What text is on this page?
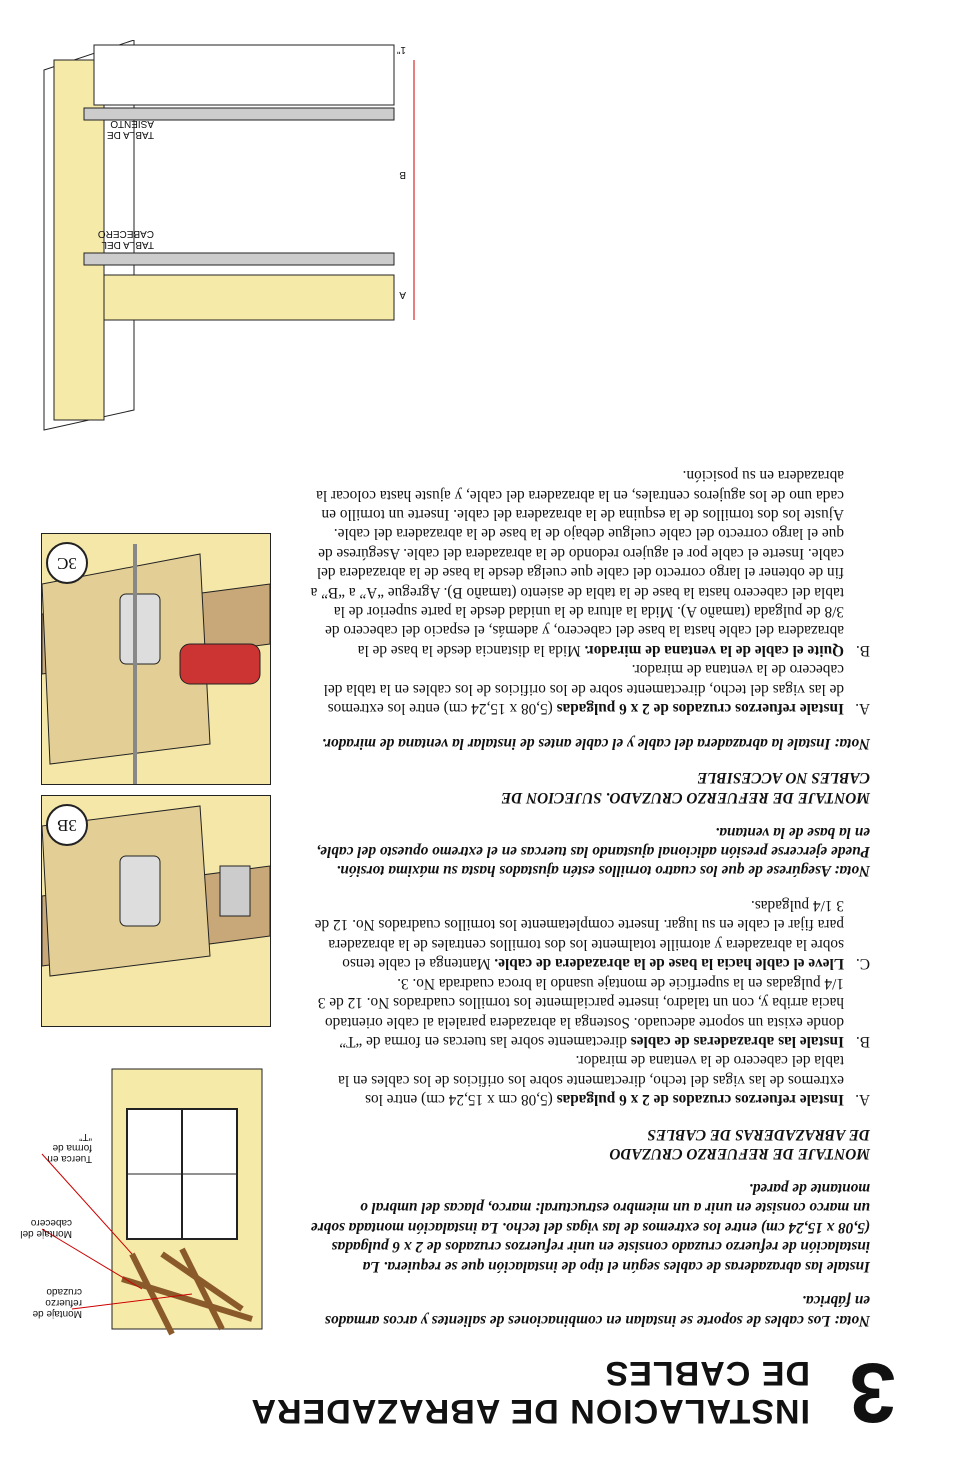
3
INSTALACION DE ABRAZADERA
DE CABLES
Montaje de refuerzo cruzado
Montaje del cabecero
Tuerca en forma de “T”
3B
3C
TABLA DEL CABECERO
TABLA DE ASIENTO
A
B
1"

Nota: Los cables de soporte se instalan en combinaciones de salientes y arcos armados en fábrica.

Instale las abrazaderas de cables según el tipo de instalación que se requiera. La instalación de refuerzo cruzado consiste en unir refuerzos cruzados de 2 x 6 pulgadas (5,08 x 15,24 cm) entre los extremos de las vigas del techo. La instalación montada sobre un marco consiste en unir a un miembro estructural: marco, placas del umbral o montante de pared.

MONTAJE DE REFUERZO CRUZADO

DE ABRAZADERAS DE CABLES

A.
Instale refuerzos cruzados de 2 x 6 pulgadas (5,08 cm x 15,24 cm) entre los extremos de las vigas del techo, directamente sobre los orificios de los cables en la tabla del cabecero de la ventana de mirador.

B.
Instale las abrazaderas de cables directamente sobre las tuercas en forma de “T” donde exista un soporte adecuado. Sostenga la abrazadera paralela al cable orientado hacia arriba y, con un taladro, inserte parcialmente los tornillos cuadrados No. 12 de 3 1/4 pulgadas en la superficie de montaje usando la broca cuadrada No. 3.

C.
Lleve el cable hacia la base de la abrazadera de cable. Mantenga el cable tenso sobre la abrazadera y atornille totalmente los dos tornillos centrales de la abrazadera para fijar el cable en su lugar. Inserte completamente los tornillos cuadrados No. 12 de 3 1/4 pulgadas.

Nota: Asegúrese de que los cuatro tornillos estén ajustados hasta su máxima torsión. Puede ejercerse presión adicional ajustando las tuercas en el extremo opuesto del cable, en la base de la ventana.

MONTAJE DE REFUERZO CRUZADO. SUJECION DE

CABLES NO ACCESIBLE

Nota: Instale la abrazadera del cable y el cable antes de instalar la ventana de mirador.

A.
Instale refuerzos cruzados de 2 x 6 pulgadas (5,08 x 15,24 cm) entre los extremos de las vigas del techo, directamente sobre de los orificios de los cables en la tabla del cabecero de la ventana de mirador.

B.
Quite el cable de la ventana de mirador. Mida la distancia desde la base de la abrazadera del cable hasta la base del cabecero, y además, el espacio del cabecero de 3/8 de pulgada (tamaño A). Mida la altura de la unidad desde la parte superior de la tabla del cabecero hasta la base de la tabla de asiento (tamaño B). Agregue “A” a “B” a fin de obtener el largo correcto del cable que cuelga desde la base de la abrazadera del cable. Inserte el cable por el agujero redondo de la abrazadera del cable. Asegúrese de que el largo correcto del cable cuelgue debajo de la base de la abrazadera del cable. Ajuste los dos tornillos de la esquina de la abrazadera del cable. Inserte un tornillo en cada uno de los agujeros centrales, en la abrazadera del cable, y ajuste hasta colocar la abrazadera en su posición.
